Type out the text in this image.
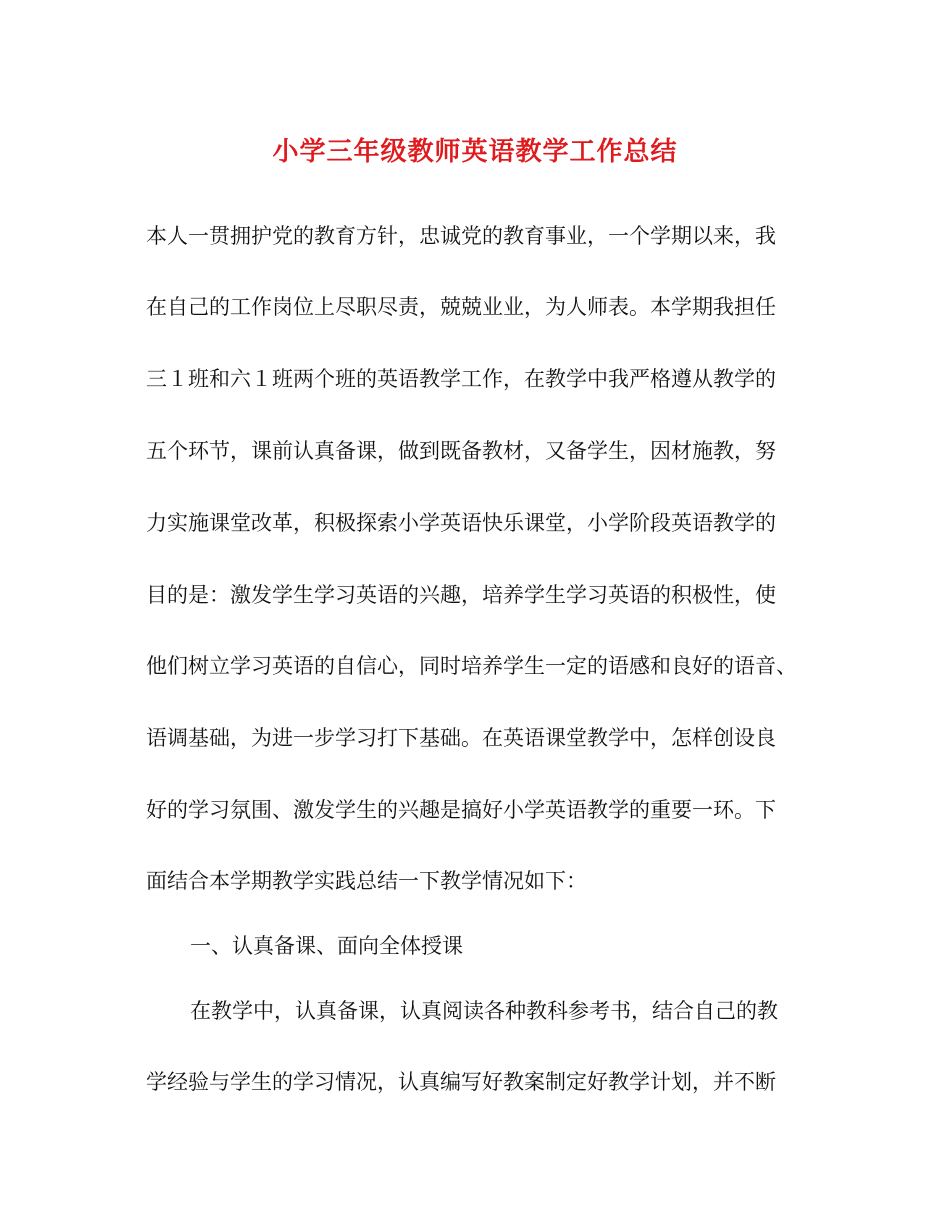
小学三年级教师英语教学工作总结

本人一贯拥护党的教育方针，忠诚党的教育事业，一个学期以来，我

在自己的工作岗位上尽职尽责，兢兢业业，为人师表。本学期我担任

三１班和六１班两个班的英语教学工作，在教学中我严格遵从教学的

五个环节，课前认真备课，做到既备教材，又备学生，因材施教，努

力实施课堂改革，积极探索小学英语快乐课堂，小学阶段英语教学的

目的是：激发学生学习英语的兴趣，培养学生学习英语的积极性，使

他们树立学习英语的自信心，同时培养学生一定的语感和良好的语音、

语调基础，为进一步学习打下基础。在英语课堂教学中，怎样创设良

好的学习氛围、激发学生的兴趣是搞好小学英语教学的重要一环。下

面结合本学期教学实践总结一下教学情况如下：

一、认真备课、面向全体授课

在教学中，认真备课，认真阅读各种教科参考书，结合自己的教

学经验与学生的学习情况，认真编写好教案制定好教学计划，并不断
